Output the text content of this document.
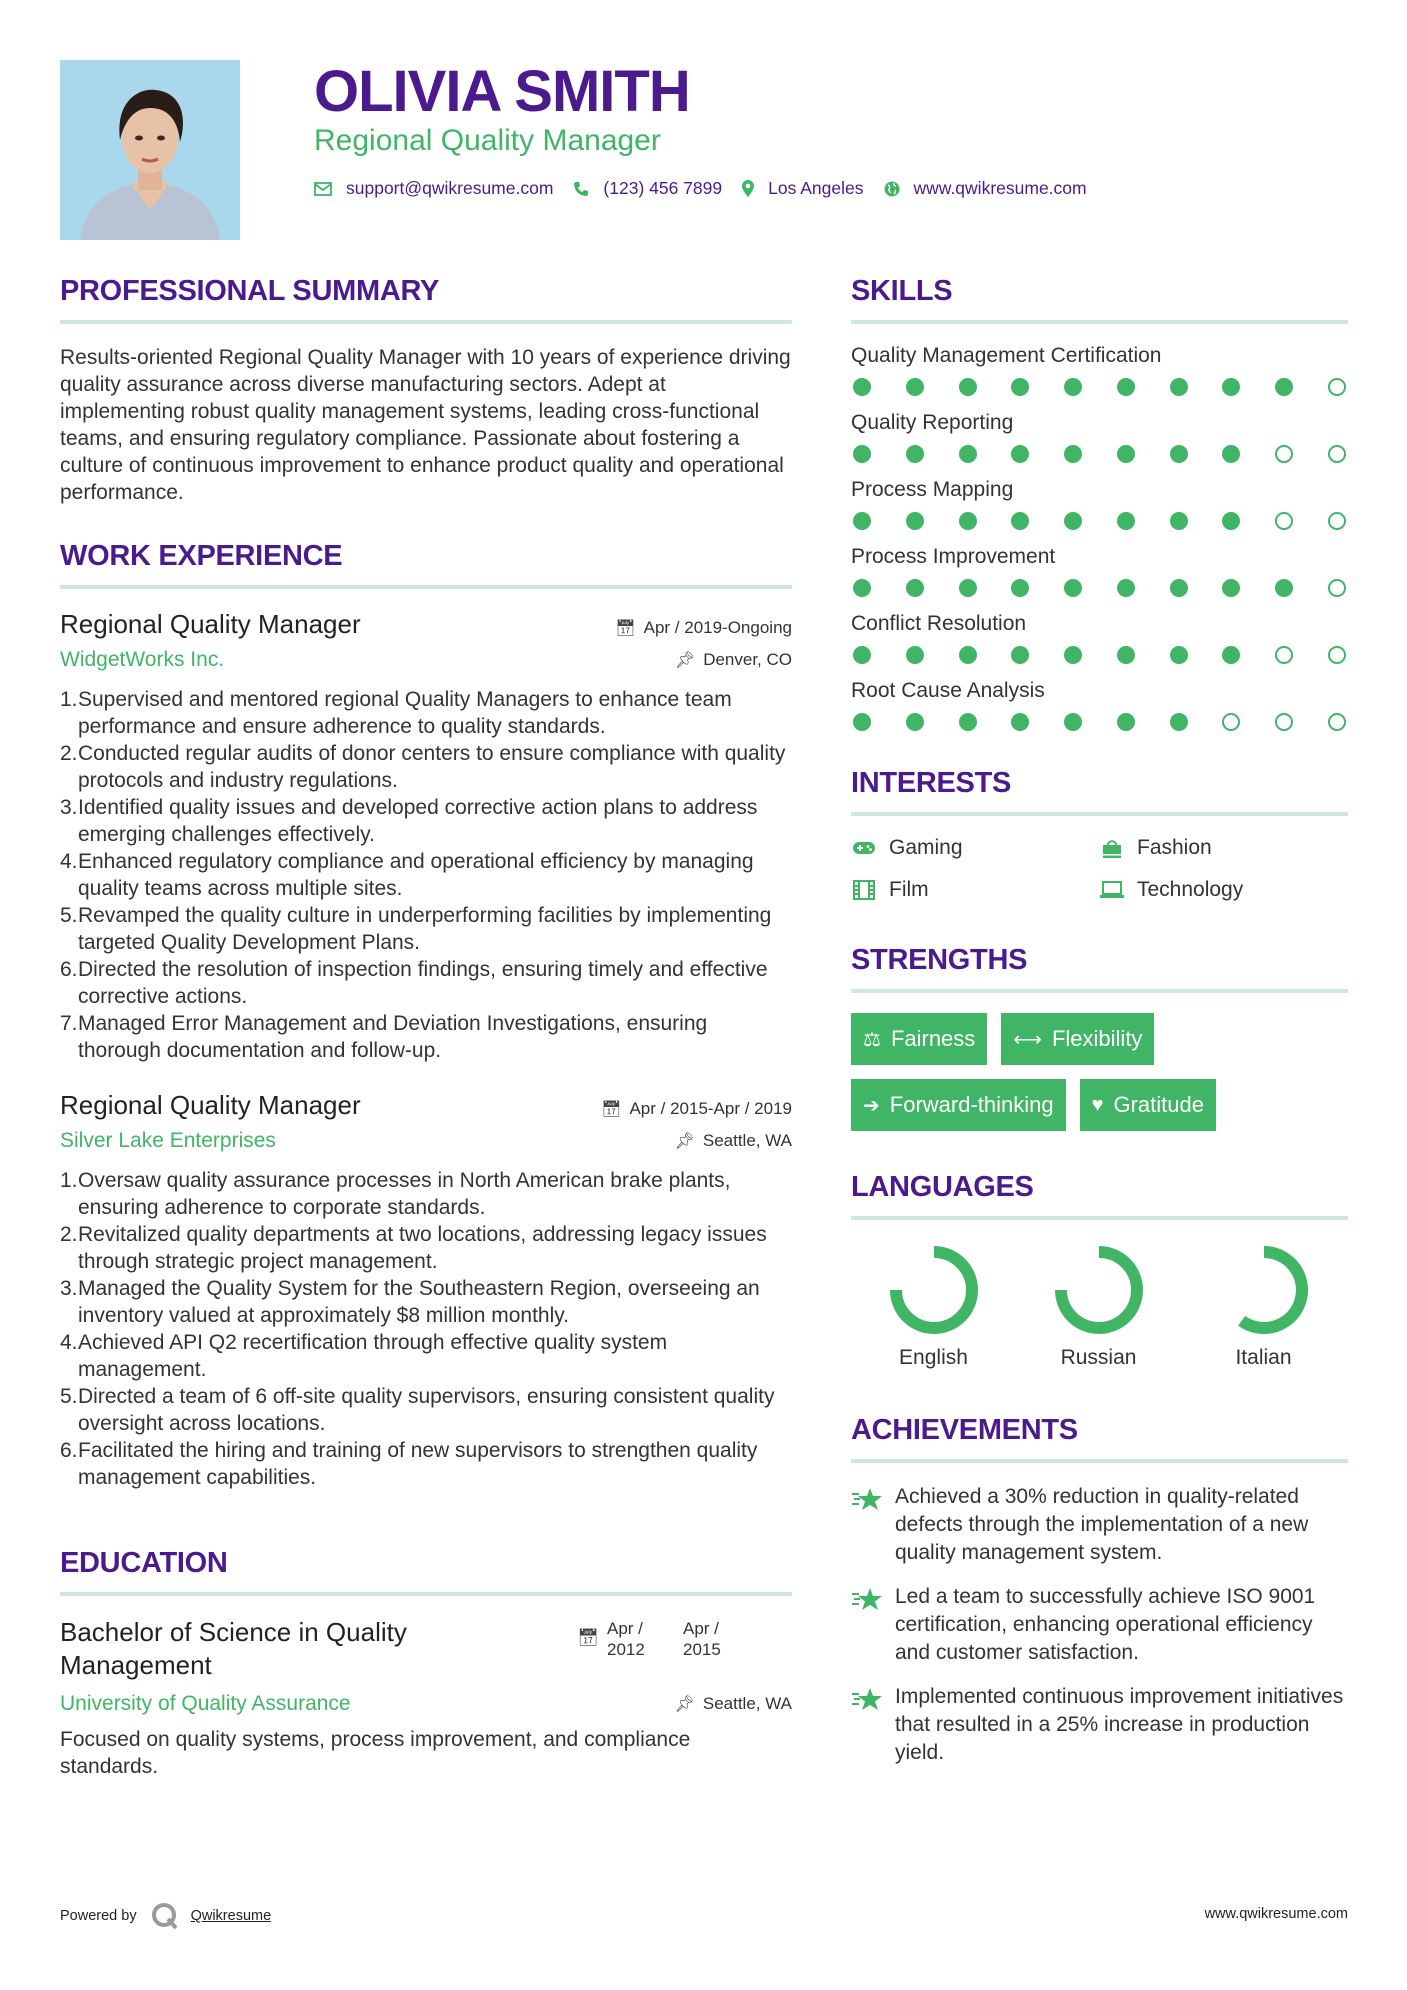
OLIVIA SMITH
Regional Quality Manager
support@qwikresume.com	(123) 456 7899	Los Angeles	www.qwikresume.com
PROFESSIONAL SUMMARY

Results-oriented Regional Quality Manager with 10 years of experience driving quality assurance across diverse manufacturing sectors. Adept at implementing robust quality management systems, leading cross-functional teams, and ensuring regulatory compliance. Passionate about fostering a culture of continuous improvement to enhance product quality and operational performance.

WORK EXPERIENCE
Regional Quality Manager	📅︎ Apr / 2019-Ongoing
WidgetWorks Inc.	📌︎ Denver, CO
1. Supervised and mentored regional Quality Managers to enhance team performance and ensure adherence to quality standards.
2. Conducted regular audits of donor centers to ensure compliance with quality protocols and industry regulations.
3. Identified quality issues and developed corrective action plans to address emerging challenges effectively.
4. Enhanced regulatory compliance and operational efficiency by managing quality teams across multiple sites.
5. Revamped the quality culture in underperforming facilities by implementing targeted Quality Development Plans.
6. Directed the resolution of inspection findings, ensuring timely and effective corrective actions.
7. Managed Error Management and Deviation Investigations, ensuring thorough documentation and follow-up.
Regional Quality Manager	📅︎ Apr / 2015-Apr / 2019
Silver Lake Enterprises	📌︎ Seattle, WA
1. Oversaw quality assurance processes in North American brake plants, ensuring adherence to corporate standards.
2. Revitalized quality departments at two locations, addressing legacy issues through strategic project management.
3. Managed the Quality System for the Southeastern Region, overseeing an inventory valued at approximately $8 million monthly.
4. Achieved API Q2 recertification through effective quality system management.
5. Directed a team of 6 off-site quality supervisors, ensuring consistent quality oversight across locations.
6. Facilitated the hiring and training of new supervisors to strengthen quality management capabilities.
EDUCATION
Bachelor of Science in Quality Management
📅︎ Apr / 2012
Apr / 2015
University of Quality Assurance	📌︎ Seattle, WA

Focused on quality systems, process improvement, and compliance standards.

SKILLS
Quality Management Certification
Quality Reporting
Process Mapping
Process Improvement
Conflict Resolution
Root Cause Analysis
INTERESTS
Gaming	Fashion
Film	Technology
STRENGTHS
⚖︎ Fairness ⟷ Flexibility
➔ Forward-thinking ♥ Gratitude
LANGUAGES
English	Russian	Italian
ACHIEVEMENTS
Achieved a 30% reduction in quality-related defects through the implementation of a new quality management system.
Led a team to successfully achieve ISO 9001 certification, enhancing operational efficiency and customer satisfaction.
Implemented continuous improvement initiatives that resulted in a 25% increase in production yield.
Powered by	Qwikresume	www.qwikresume.com
